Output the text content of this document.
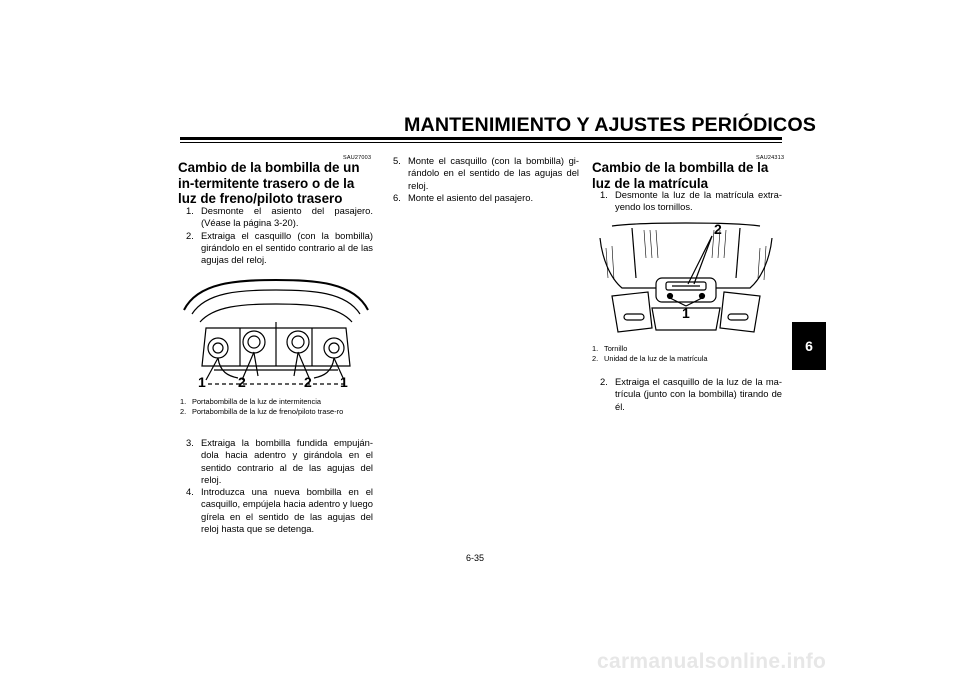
MANTENIMIENTO Y AJUSTES PERIÓDICOS
6
SAU27003
Cambio de la bombilla de un in-termitente trasero o de la luz de freno/piloto trasero
1. Desmonte el asiento del pasajero. (Véase la página 3-20).
2. Extraiga el casquillo (con la bombilla) girándolo en el sentido contrario al de las agujas del reloj.
1 2	2 1
1. Portabombilla de la luz de intermitencia
2. Portabombilla de la luz de freno/piloto trase-ro
3. Extraiga la bombilla fundida empuján-dola hacia adentro y girándola en el sentido contrario al de las agujas del reloj.
4. Introduzca una nueva bombilla en el casquillo, empújela hacia adentro y luego gírela en el sentido de las agujas del reloj hasta que se detenga.
5. Monte el casquillo (con la bombilla) gi-rándolo en el sentido de las agujas del reloj.
6. Monte el asiento del pasajero.
SAU24313
Cambio de la bombilla de la luz de la matrícula
1. Desmonte la luz de la matrícula extra-yendo los tornillos.
2
1
1. Tornillo
2. Unidad de la luz de la matrícula
2. Extraiga el casquillo de la luz de la ma-trícula (junto con la bombilla) tirando de él.
6-35
carmanualsonline.info
